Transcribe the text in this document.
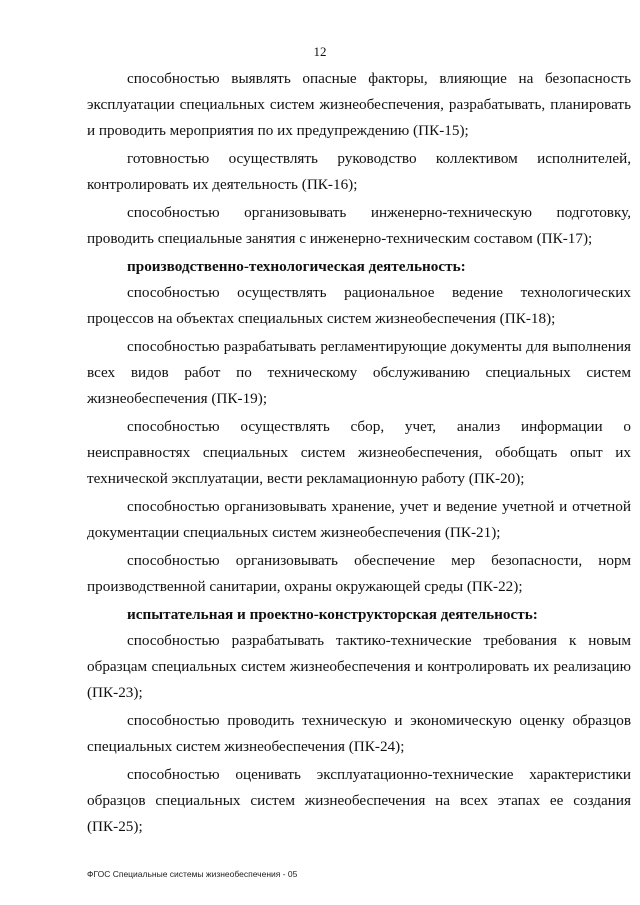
12

способностью выявлять опасные факторы, влияющие на безопасность эксплуатации специальных систем жизнеобеспечения, разрабатывать, планировать и проводить мероприятия по их предупреждению (ПК-15);

готовностью осуществлять руководство коллективом исполнителей, контролировать их деятельность (ПК-16);

способностью организовывать инженерно-техническую подготовку, проводить специальные занятия с инженерно-техническим составом (ПК-17);

производственно-технологическая деятельность:

способностью осуществлять рациональное ведение технологических процессов на объектах специальных систем жизнеобеспечения (ПК-18);

способностью разрабатывать регламентирующие документы для выполнения всех видов работ по техническому обслуживанию специальных систем жизнеобеспечения (ПК-19);

способностью осуществлять сбор, учет, анализ информации о неисправностях специальных систем жизнеобеспечения, обобщать опыт их технической эксплуатации, вести рекламационную работу (ПК-20);

способностью организовывать хранение, учет и ведение учетной и отчетной документации специальных систем жизнеобеспечения (ПК-21);

способностью организовывать обеспечение мер безопасности, норм производственной санитарии, охраны окружающей среды (ПК-22);

испытательная и проектно-конструкторская деятельность:

способностью разрабатывать тактико-технические требования к новым образцам специальных систем жизнеобеспечения и контролировать их реализацию (ПК-23);

способностью проводить техническую и экономическую оценку образцов специальных систем жизнеобеспечения (ПК-24);

способностью оценивать эксплуатационно-технические характеристики образцов специальных систем жизнеобеспечения на всех этапах ее создания (ПК-25);

ФГОС Специальные системы жизнеобеспечения - 05
